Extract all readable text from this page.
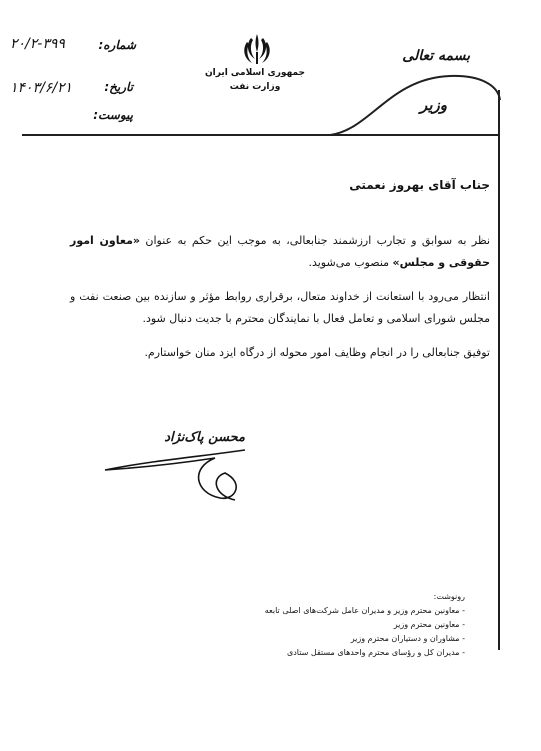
جمهوری اسلامی ایران
وزارت نفت
بسمه تعالی
وزیر
شماره:
۲۰/۲-۳۹۹
تاریخ:
۱۴۰۳/۶/۲۱
پیوست:
جناب آقای بهروز نعمتی
نظر به سوابق و تجارب ارزشمند جنابعالی، به موجب این حکم به عنوان «معاون امور حقوقی و مجلس» منصوب می‌شوید.
انتظار می‌رود با استعانت از خداوند متعال، برقراری روابط مؤثر و سازنده بین صنعت نفت و مجلس شورای اسلامی و تعامل فعال با نمایندگان محترم با جدیت دنبال شود.
توفیق جنابعالی را در انجام وظایف امور محوله از درگاه ایزد منان خواستارم.
محسن پاک‌نژاد
رونوشت:
- معاونین محترم وزیر و مدیران عامل شرکت‌های اصلی تابعه
- معاونین محترم وزیر
- مشاوران و دستیاران محترم وزیر
- مدیران کل و رؤسای محترم واحدهای مستقل ستادی
